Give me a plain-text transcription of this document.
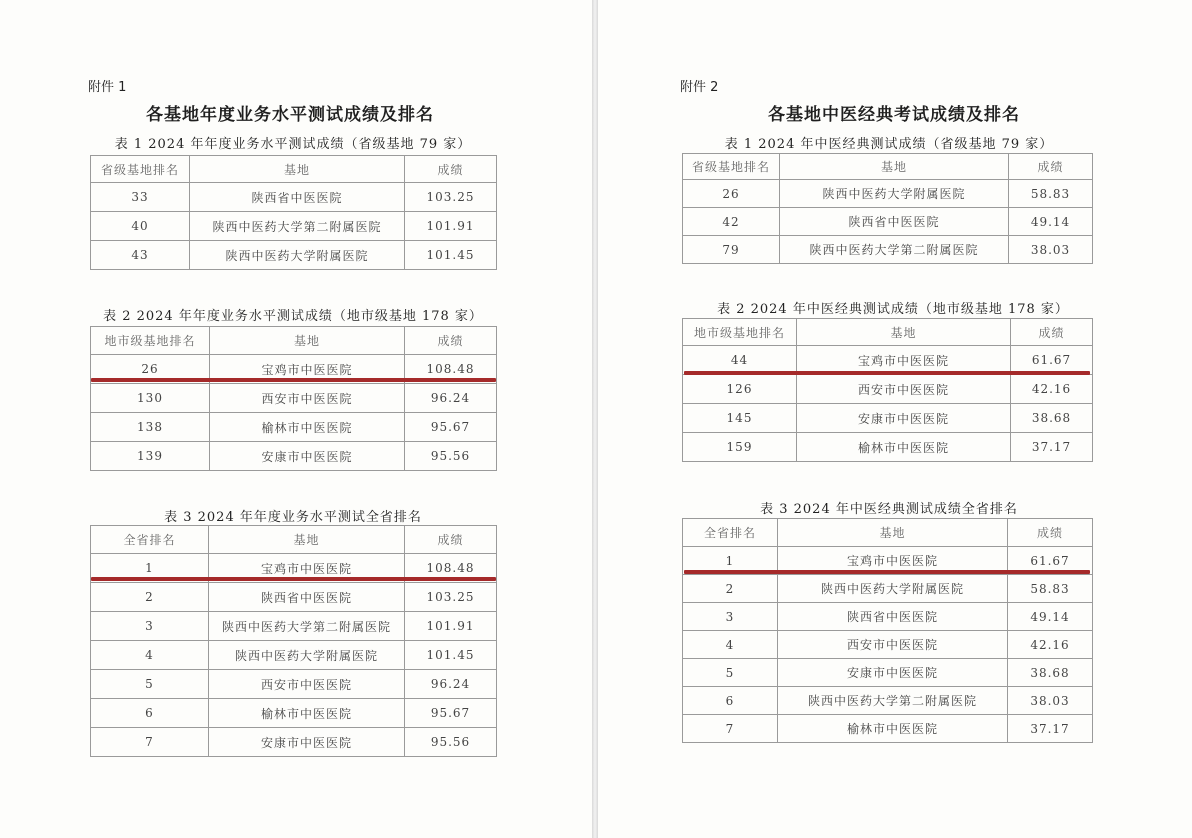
附件 1
各基地年度业务水平测试成绩及排名
表 1 2024 年年度业务水平测试成绩（省级基地 79 家）
省级基地排名	基地	成绩
33	陕西省中医医院	103.25
40	陕西中医药大学第二附属医院	101.91
43	陕西中医药大学附属医院	101.45
表 2 2024 年年度业务水平测试成绩（地市级基地 178 家）
地市级基地排名	基地	成绩
26	宝鸡市中医医院	108.48
130	西安市中医医院	96.24
138	榆林市中医医院	95.67
139	安康市中医医院	95.56
表 3 2024 年年度业务水平测试全省排名
全省排名	基地	成绩
1	宝鸡市中医医院	108.48
2	陕西省中医医院	103.25
3	陕西中医药大学第二附属医院	101.91
4	陕西中医药大学附属医院	101.45
5	西安市中医医院	96.24
6	榆林市中医医院	95.67
7	安康市中医医院	95.56
附件 2
各基地中医经典考试成绩及排名
表 1 2024 年中医经典测试成绩（省级基地 79 家）
省级基地排名	基地	成绩
26	陕西中医药大学附属医院	58.83
42	陕西省中医医院	49.14
79	陕西中医药大学第二附属医院	38.03
表 2 2024 年中医经典测试成绩（地市级基地 178 家）
地市级基地排名	基地	成绩
44	宝鸡市中医医院	61.67
126	西安市中医医院	42.16
145	安康市中医医院	38.68
159	榆林市中医医院	37.17
表 3 2024 年中医经典测试成绩全省排名
全省排名	基地	成绩
1	宝鸡市中医医院	61.67
2	陕西中医药大学附属医院	58.83
3	陕西省中医医院	49.14
4	西安市中医医院	42.16
5	安康市中医医院	38.68
6	陕西中医药大学第二附属医院	38.03
7	榆林市中医医院	37.17
